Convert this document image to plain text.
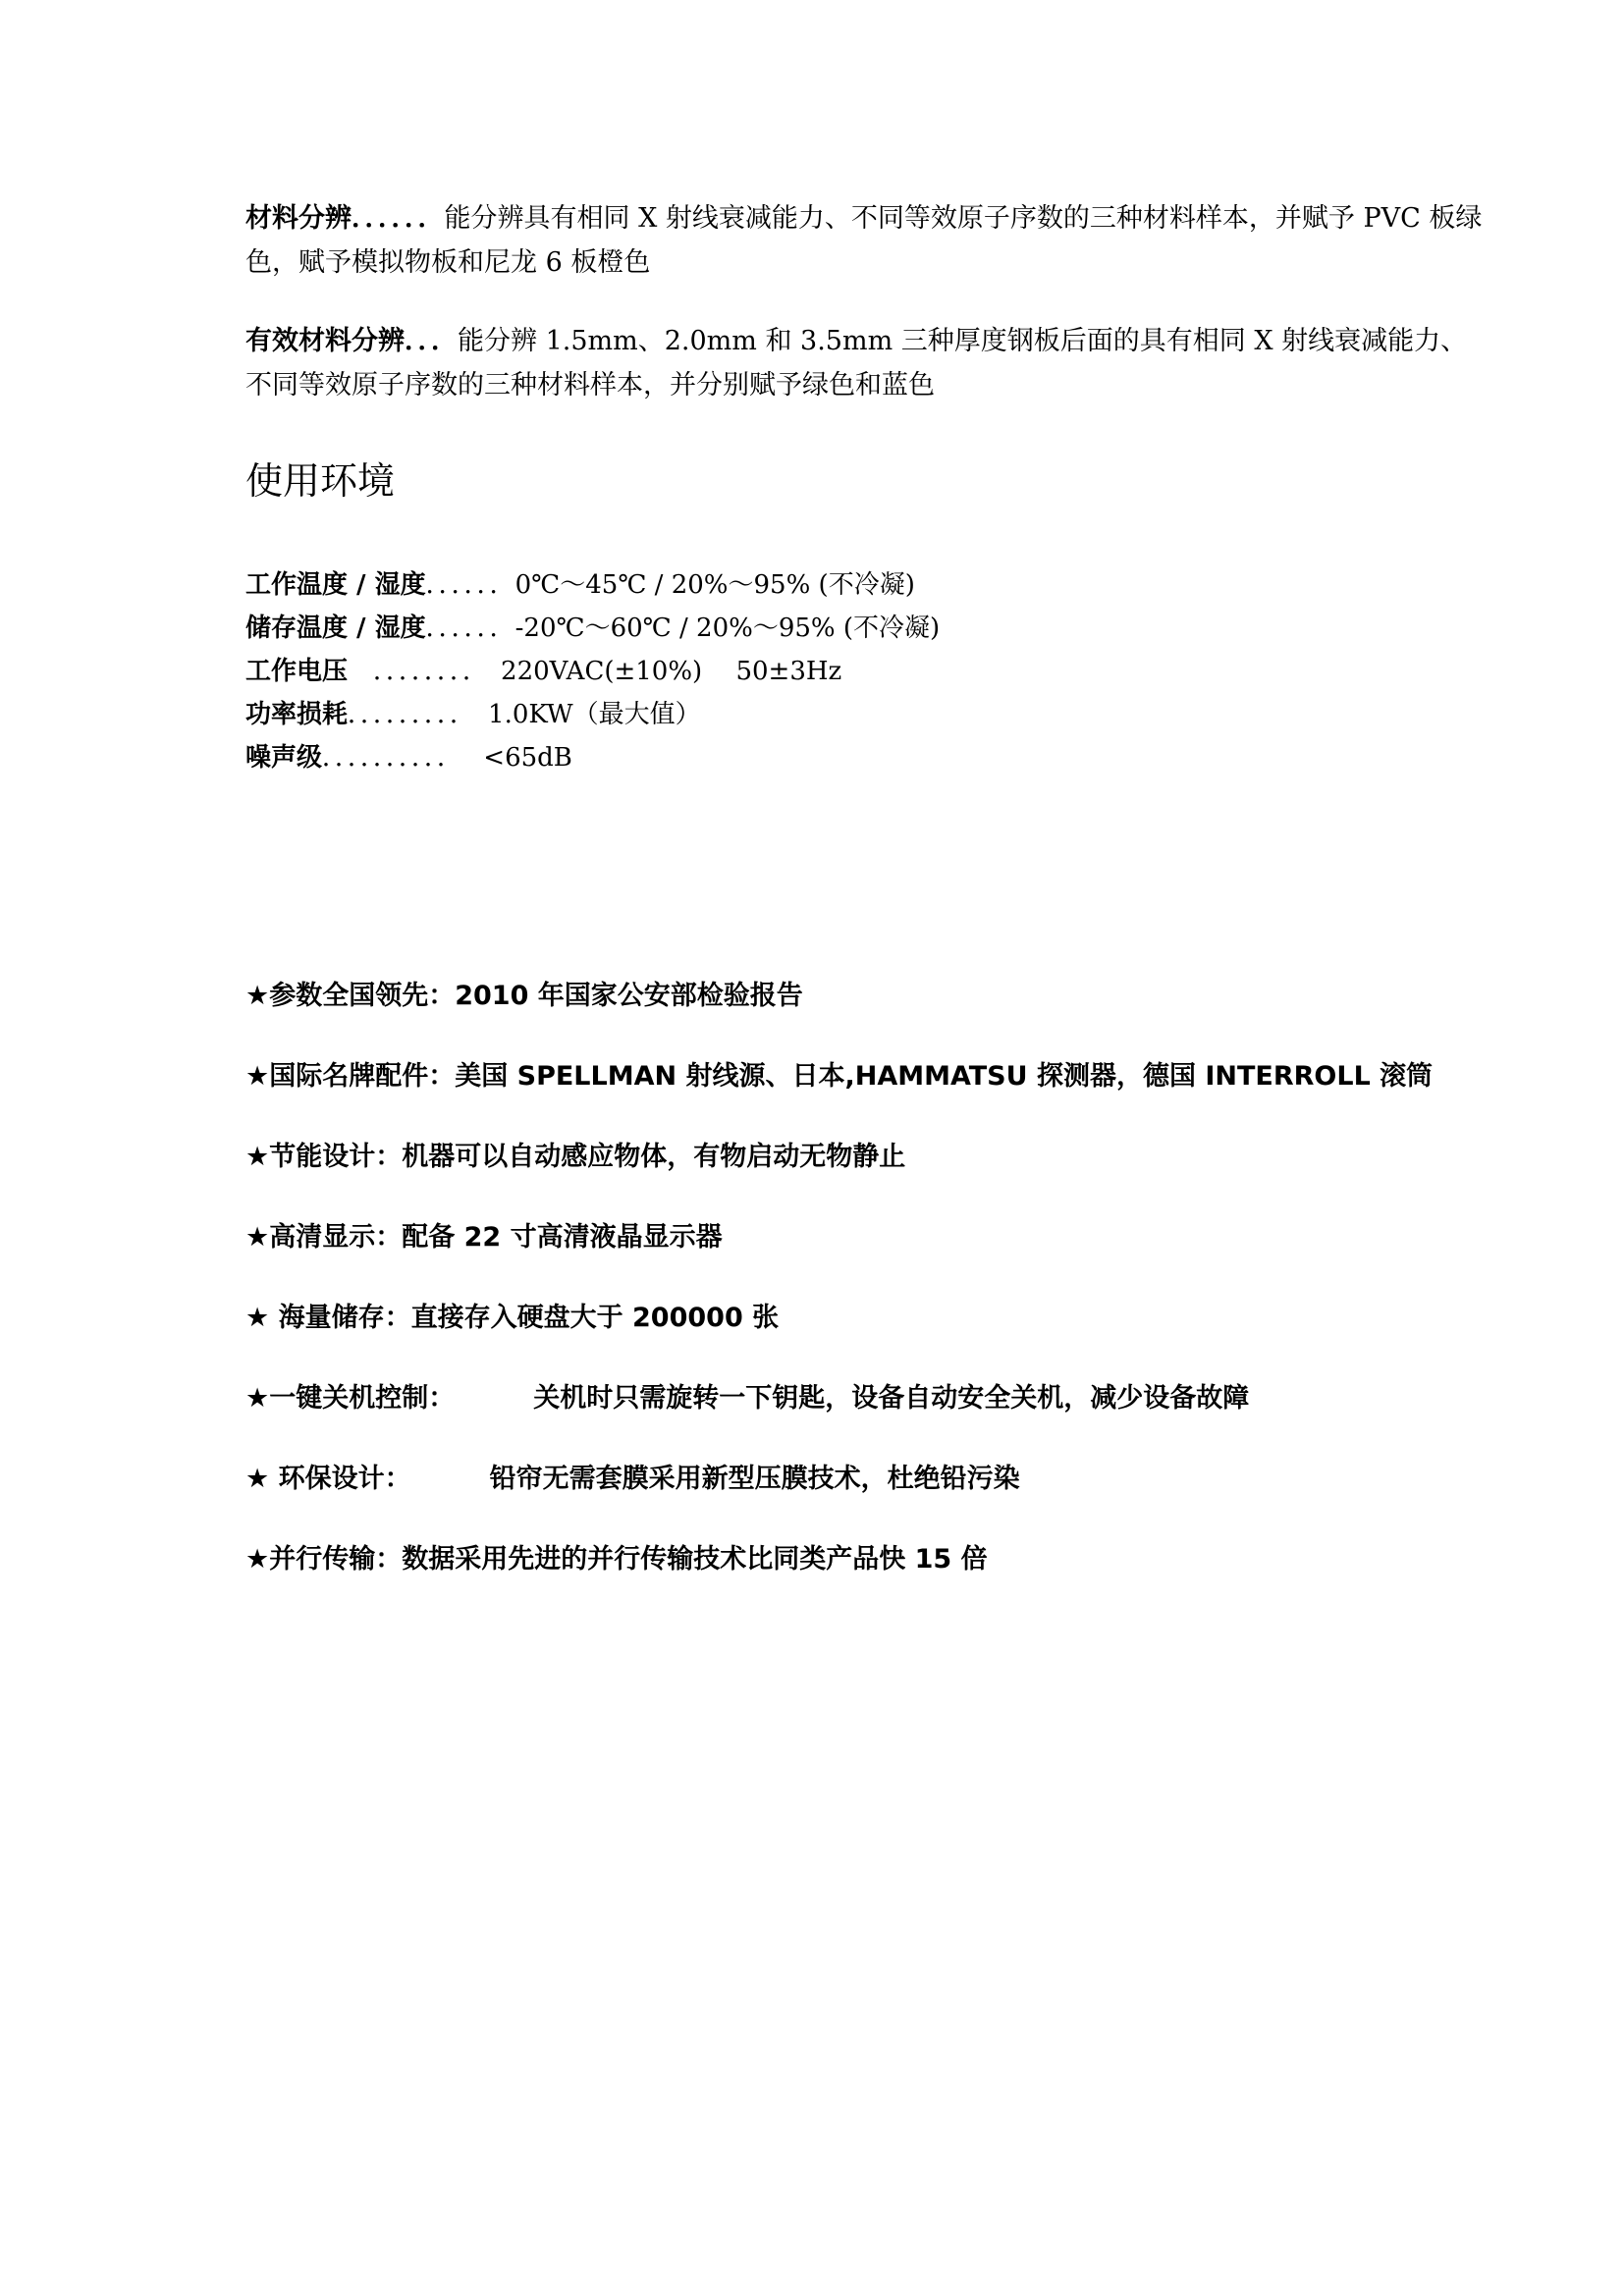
材料分辨．．．．．．能分辨具有相同 X 射线衰减能力、不同等效原子序数的三种材料样本，并赋予 PVC 板绿色，赋予模拟物板和尼龙 6 板橙色

有效材料分辨．．．能分辨 1.5mm、2.0mm 和 3.5mm 三种厚度钢板后面的具有相同 X 射线衰减能力、不同等效原子序数的三种材料样本，并分别赋予绿色和蓝色

使用环境
工作温度 / 湿度．．．．．．0℃～45℃ / 20%～95% (不冷凝)
储存温度 / 湿度．．．．．．-20℃～60℃ / 20%～95% (不冷凝)
工作电压　．．．．．．．．　220VAC(±10%)　 50±3Hz
功率损耗．．．．．．．．．　1.0KW（最大值）
噪声级．．．．．．．．．．　 <65dB
★参数全国领先：2010 年国家公安部检验报告
★国际名牌配件：美国 SPELLMAN 射线源、日本,HAMMATSU 探测器，德国 INTERROLL 滚筒
★节能设计：机器可以自动感应物体，有物启动无物静止
★高清显示：配备 22 寸高清液晶显示器
★ 海量储存：直接存入硬盘大于 200000 张
★一键关机控制：	关机时只需旋转一下钥匙，设备自动安全关机，减少设备故障
★ 环保设计：	铅帘无需套膜采用新型压膜技术，杜绝铅污染
★并行传输：数据采用先进的并行传输技术比同类产品快 15 倍
